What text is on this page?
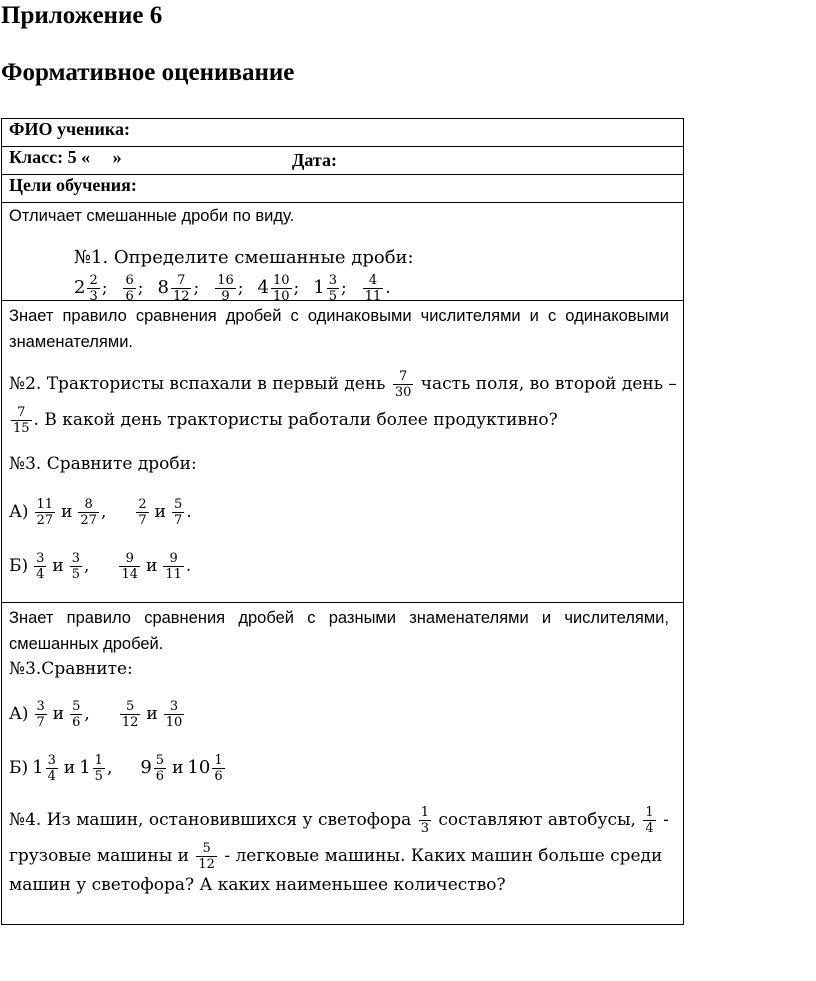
Приложение 6
Формативное оценивание
ФИО ученика:
Класс: 5 «     »	Дата:

Цели обучения:

Отличает смешанные дроби по виду.
№1. Определите смешанные дроби:
$2 \frac{2}{3}$ ; $\frac{6}{6}$ ; $8 \frac{7}{12}$ ; $\frac{16}{9}$ ; $4 \frac{10}{10}$ ; $1 \frac{3}{5}$ ; $\frac{4}{11}$ .

Знает правило сравнения дробей с одинаковыми числителями и с одинаковыми знаменателями.
№2. Трактористы вспахали в первый день $\frac{7}{30}$ часть поля, во второй день –
$\frac{7}{15}$ . В какой день трактористы работали более продуктивно?
№3. Сравните дроби:
$А) \frac{11}{27}$ и $\frac{8}{27}$ , $\frac{2}{7}$ и $\frac{5}{7}$ .
$Б) \frac{3}{4}$ и $\frac{3}{5}$ , $\frac{9}{14}$ и $\frac{9}{11}$ .

Знает правило сравнения дробей с разными знаменателями и числителями, смешанных дробей.
№3.Сравните:
$А) \frac{3}{7}$ и $\frac{5}{6}$ , $\frac{5}{12}$ и $\frac{3}{10}$
Б) $1 \frac{3}{4}$ и $1 \frac{1}{5}$ , $9 \frac{5}{6}$ и $10 \frac{1}{6}$
№4. Из машин, остановившихся у светофора $\frac{1}{3}$ составляют автобусы, $\frac{1}{4}$ -
грузовые машины и $\frac{5}{12}$ - легковые машины. Каких машин больше среди
машин у светофора? А каких наименьшее количество?
